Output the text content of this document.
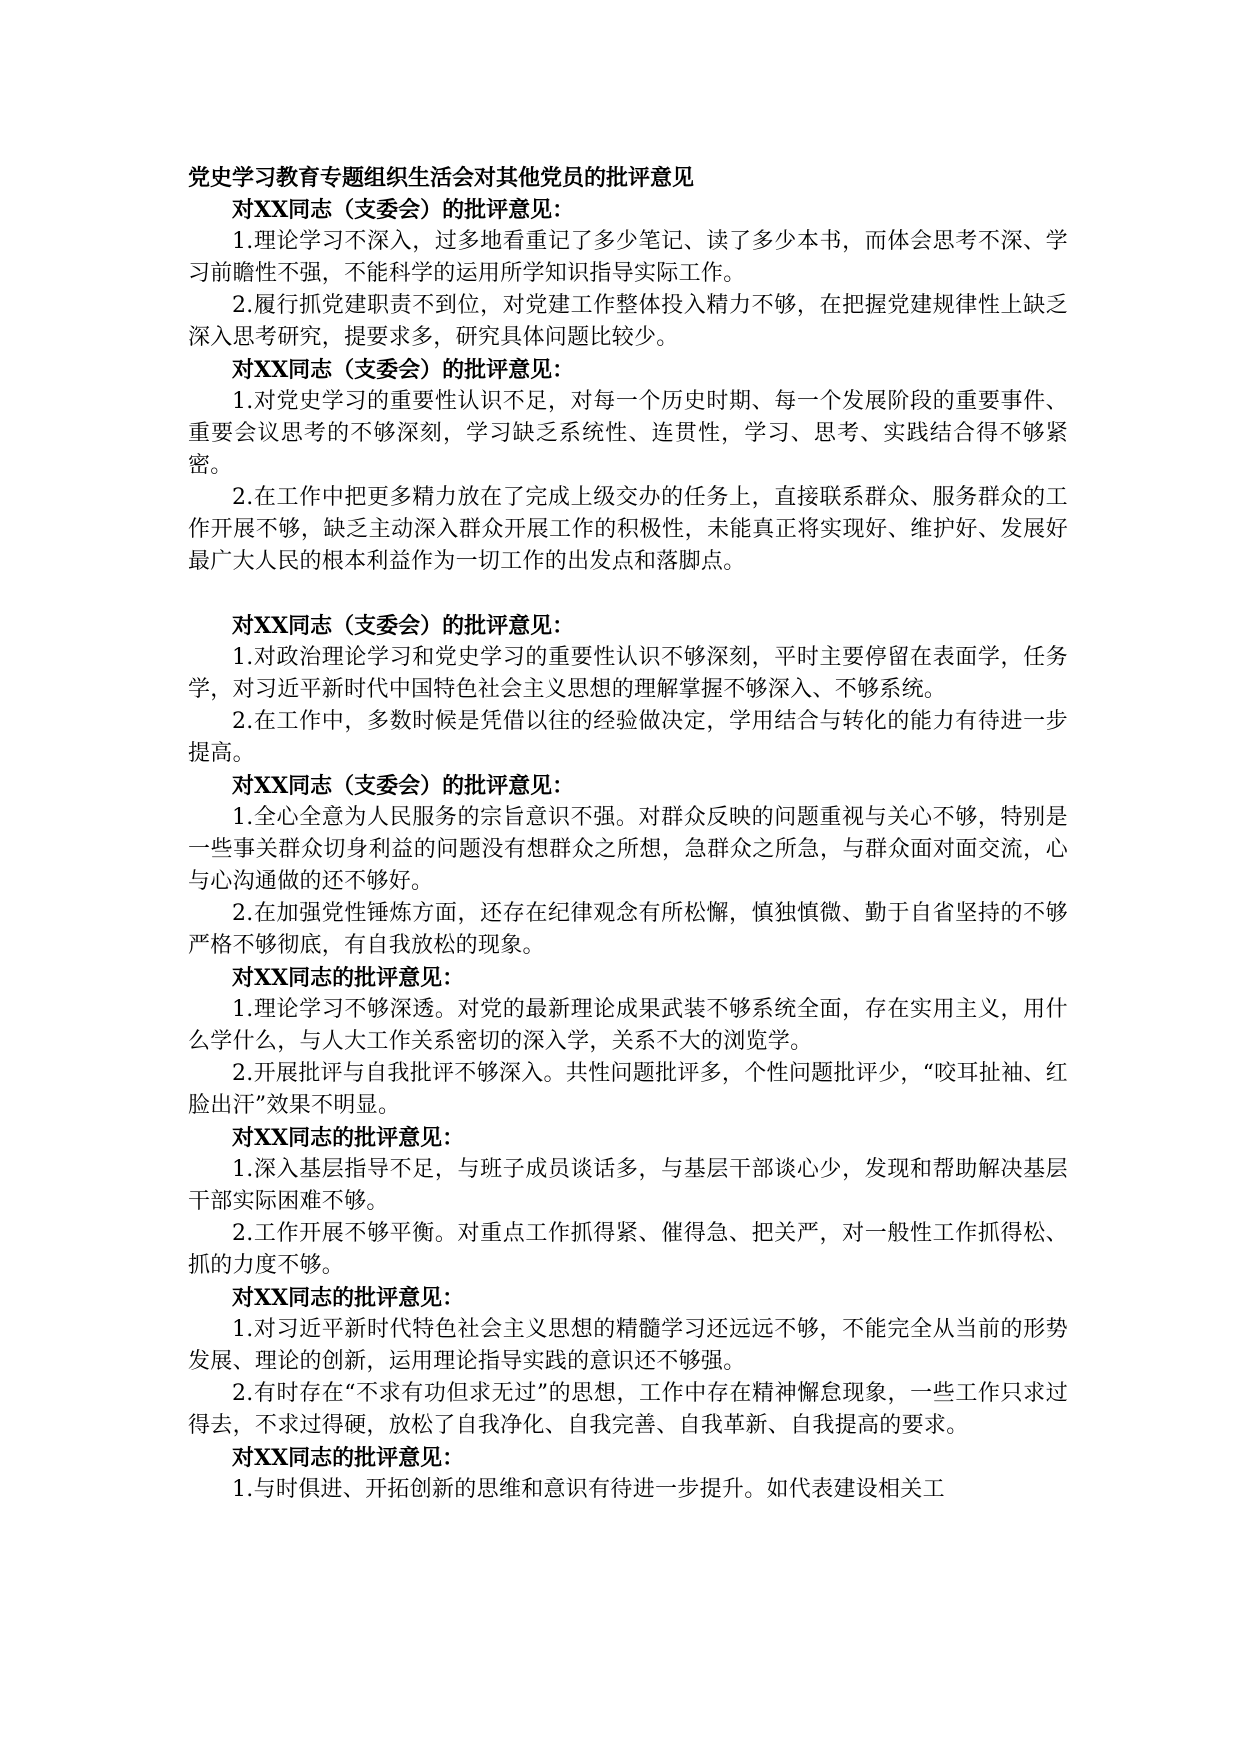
党史学习教育专题组织生活会对其他党员的批评意见

对XX同志（支委会）的批评意见：

1.理论学习不深入，过多地看重记了多少笔记、读了多少本书，而体会思考不深、学习前瞻性不强，不能科学的运用所学知识指导实际工作。

2.履行抓党建职责不到位，对党建工作整体投入精力不够，在把握党建规律性上缺乏深入思考研究，提要求多，研究具体问题比较少。

对XX同志（支委会）的批评意见：

1.对党史学习的重要性认识不足，对每一个历史时期、每一个发展阶段的重要事件、重要会议思考的不够深刻，学习缺乏系统性、连贯性，学习、思考、实践结合得不够紧密。

2.在工作中把更多精力放在了完成上级交办的任务上，直接联系群众、服务群众的工作开展不够，缺乏主动深入群众开展工作的积极性，未能真正将实现好、维护好、发展好最广大人民的根本利益作为一切工作的出发点和落脚点。

对XX同志（支委会）的批评意见：

1.对政治理论学习和党史学习的重要性认识不够深刻，平时主要停留在表面学，任务学，对习近平新时代中国特色社会主义思想的理解掌握不够深入、不够系统。

2.在工作中，多数时候是凭借以往的经验做决定，学用结合与转化的能力有待进一步提高。

对XX同志（支委会）的批评意见：

1.全心全意为人民服务的宗旨意识不强。对群众反映的问题重视与关心不够，特别是一些事关群众切身利益的问题没有想群众之所想，急群众之所急，与群众面对面交流，心与心沟通做的还不够好。

2.在加强党性锤炼方面，还存在纪律观念有所松懈，慎独慎微、勤于自省坚持的不够严格不够彻底，有自我放松的现象。

对XX同志的批评意见：

1.理论学习不够深透。对党的最新理论成果武装不够系统全面，存在实用主义，用什么学什么，与人大工作关系密切的深入学，关系不大的浏览学。

2.开展批评与自我批评不够深入。共性问题批评多，个性问题批评少，“咬耳扯袖、红脸出汗”效果不明显。

对XX同志的批评意见：

1.深入基层指导不足，与班子成员谈话多，与基层干部谈心少，发现和帮助解决基层干部实际困难不够。

2.工作开展不够平衡。对重点工作抓得紧、催得急、把关严，对一般性工作抓得松、抓的力度不够。

对XX同志的批评意见：

1.对习近平新时代特色社会主义思想的精髓学习还远远不够，不能完全从当前的形势发展、理论的创新，运用理论指导实践的意识还不够强。

2.有时存在“不求有功但求无过”的思想，工作中存在精神懈怠现象，一些工作只求过得去，不求过得硬，放松了自我净化、自我完善、自我革新、自我提高的要求。

对XX同志的批评意见：

1.与时俱进、开拓创新的思维和意识有待进一步提升。如代表建设相关工
